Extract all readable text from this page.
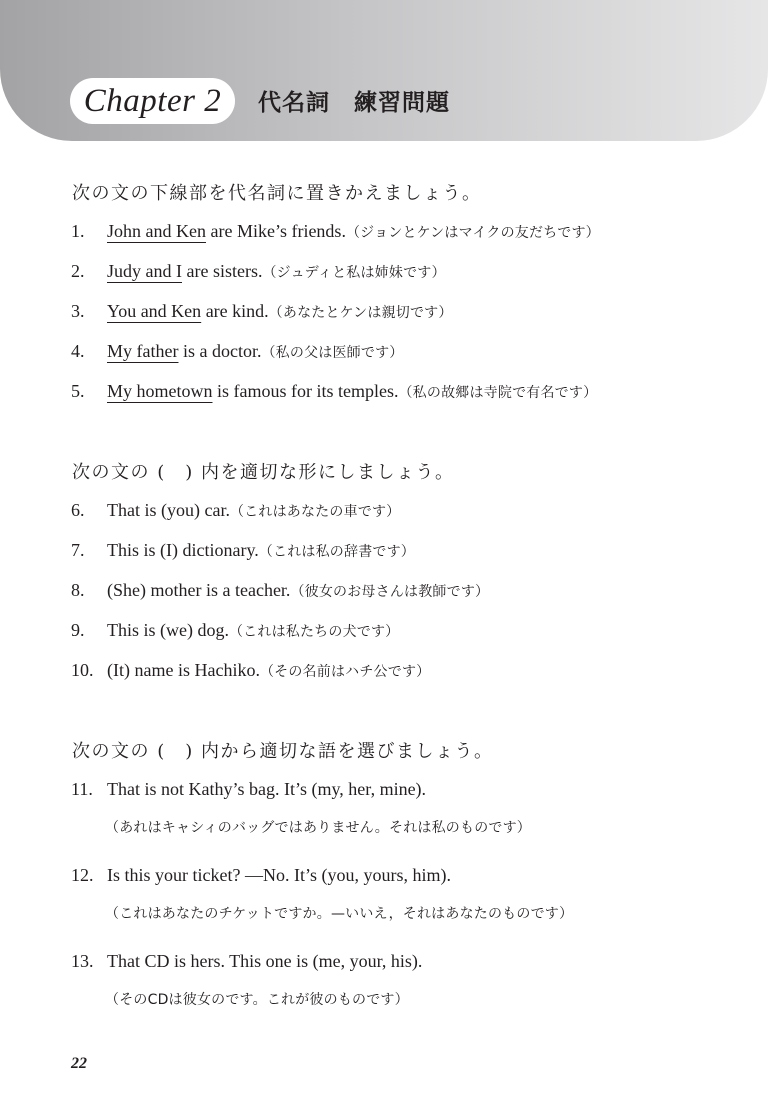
Chapter 2 代名詞　練習問題
次の文の下線部を代名詞に置きかえましょう。
1. John and Ken are Mike’s friends.（ジョンとケンはマイクの友だちです）
2. Judy and I are sisters.（ジュディと私は姉妹です）
3. You and Ken are kind.（あなたとケンは親切です）
4. My father is a doctor.（私の父は医師です）
5. My hometown is famous for its temples.（私の故郷は寺院で有名です）
次の文の (　) 内を適切な形にしましょう。
6. That is (you) car.（これはあなたの車です）
7. This is (I) dictionary.（これは私の辞書です）
8. (She) mother is a teacher.（彼女のお母さんは教師です）
9. This is (we) dog.（これは私たちの犬です）
10. (It) name is Hachiko.（その名前はハチ公です）
次の文の (　) 内から適切な語を選びましょう。
11. That is not Kathy’s bag. It’s (my, her, mine).
（あれはキャシィのバッグではありません。それは私のものです）
12. Is this your ticket? —No. It’s (you, yours, him).
（これはあなたのチケットですか。—いいえ，それはあなたのものです）
13. That CD is hers. This one is (me, your, his).
（そのCDは彼女のです。これが彼のものです）
22
